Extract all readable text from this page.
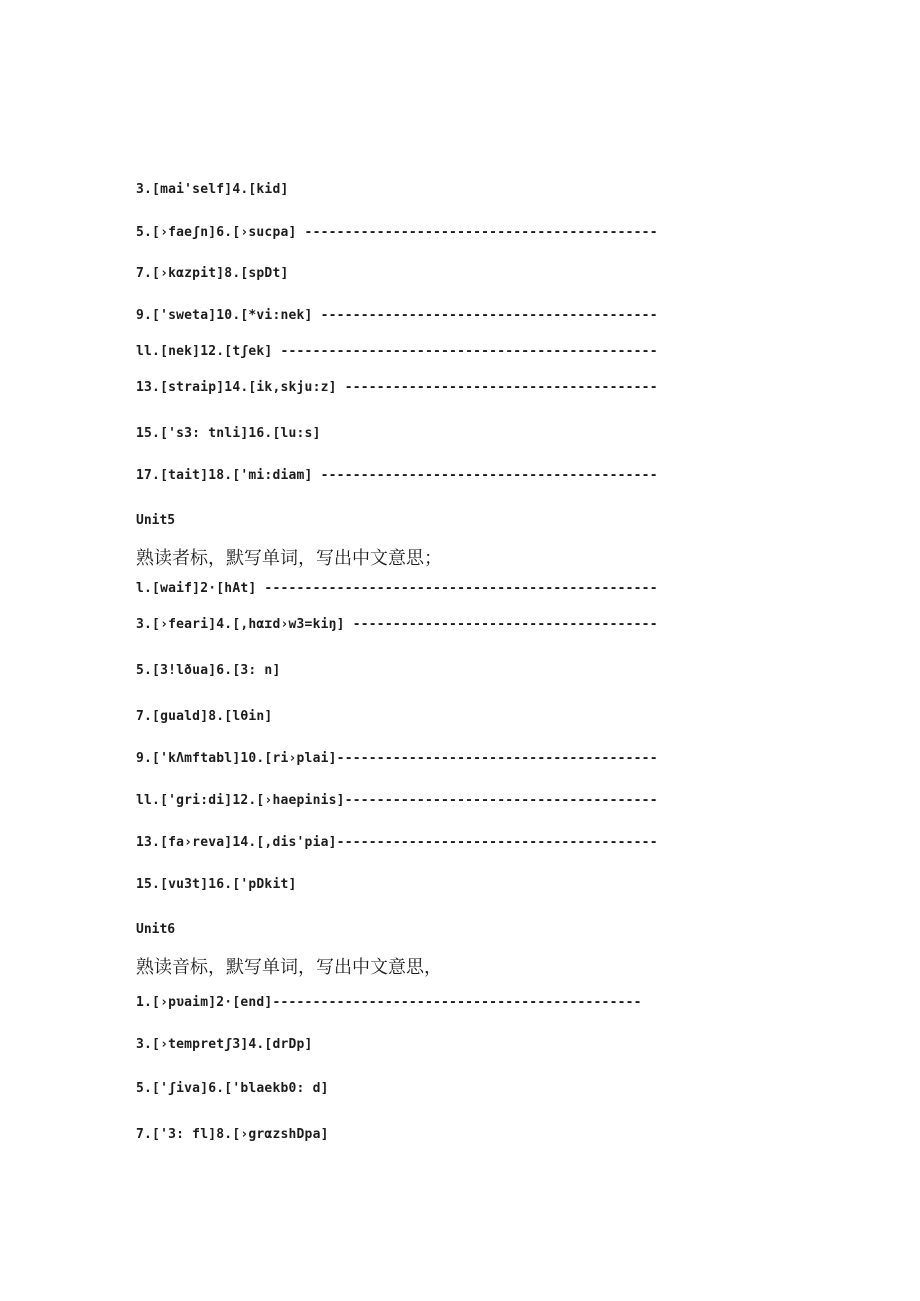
3.[mai'self]4.[kid]
5.[›faeʃn]6.[›sucpa] --------------------------------------------
7.[›kαzpit]8.[spDt]
9.['sweta]10.[*vi:nek] ------------------------------------------
ll.[nek]12.[tʃek] -----------------------------------------------
13.[straip]14.[ik,skju:z] ---------------------------------------
15.['s3: tnli]16.[lu:s]
17.[tait]18.['mi:diam] ------------------------------------------
Unit5
熟读者标，默写单词，写出中文意思；
l.[waif]2·[hAt] -------------------------------------------------
3.[›feari]4.[,hαɪd›w3=kiŋ] --------------------------------------
5.[3!lðua]6.[3: n]
7.[guald]8.[lθin]
9.['kΛmftabl]10.[ri›plai]----------------------------------------
ll.['gri:di]12.[›haepinis]---------------------------------------
13.[fa›reva]14.[,dis'pia]----------------------------------------
15.[vu3t]16.['pDkit]
Unit6
熟读音标，默写单词，写出中文意思，
1.[›pυaim]2·[end]----------------------------------------------
3.[›tempretʃ3]4.[drDp]
5.['ʃiva]6.['blaekb0: d]
7.['3: fl]8.[›grαzshDpa]
